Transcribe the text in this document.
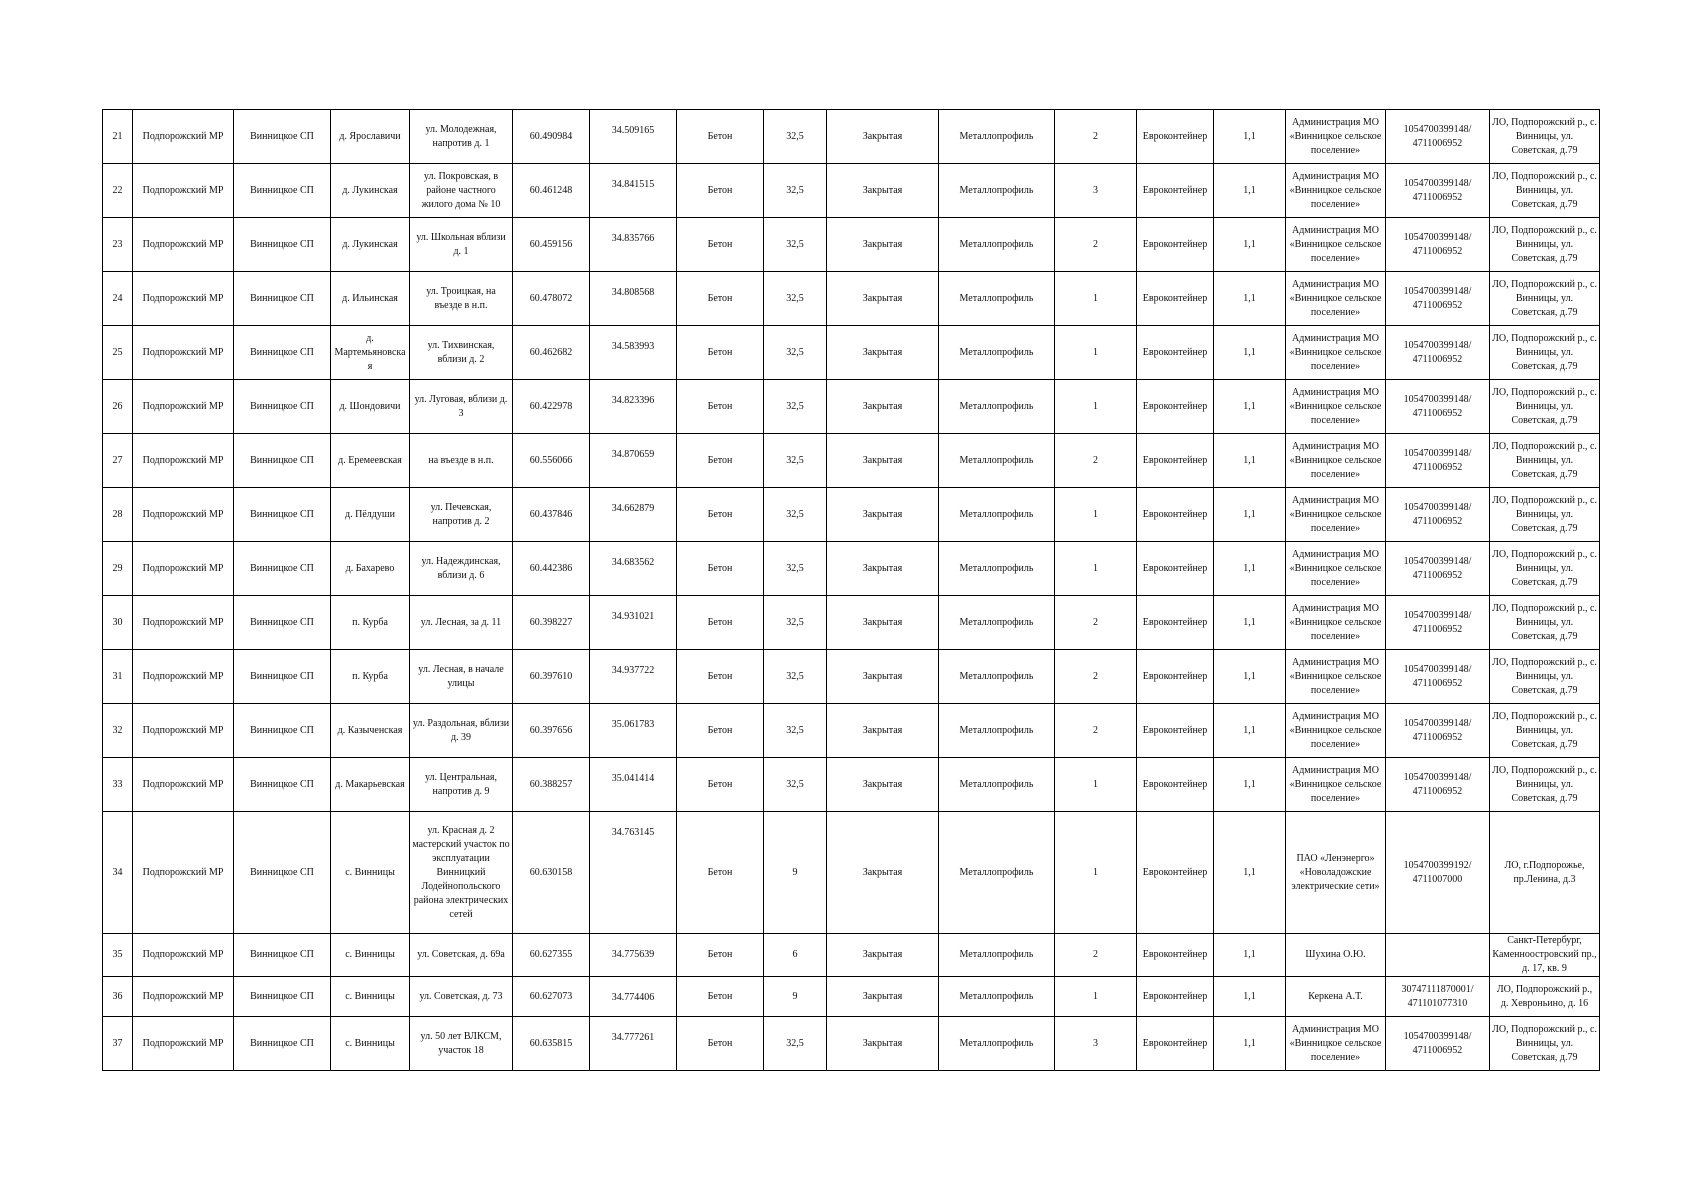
21	Подпорожский МР	Винницкое СП	д. Ярославичи	ул. Молодежная, напротив д. 1	60.490984	34.509165	Бетон	32,5	Закрытая	Металлопрофиль	2	Евроконтейнер	1,1	Администрация МО «Винницкое сельское поселение»	1054700399148/ 4711006952	ЛО, Подпорожский р., с. Винницы, ул. Советская, д.79
22	Подпорожский МР	Винницкое СП	д. Лукинская	ул. Покровская, в районе частного жилого дома № 10	60.461248	34.841515	Бетон	32,5	Закрытая	Металлопрофиль	3	Евроконтейнер	1,1	Администрация МО «Винницкое сельское поселение»	1054700399148/ 4711006952	ЛО, Подпорожский р., с. Винницы, ул. Советская, д.79
23	Подпорожский МР	Винницкое СП	д. Лукинская	ул. Школьная вблизи д. 1	60.459156	34.835766	Бетон	32,5	Закрытая	Металлопрофиль	2	Евроконтейнер	1,1	Администрация МО «Винницкое сельское поселение»	1054700399148/ 4711006952	ЛО, Подпорожский р., с. Винницы, ул. Советская, д.79
24	Подпорожский МР	Винницкое СП	д. Ильинская	ул. Троицкая, на въезде в н.п.	60.478072	34.808568	Бетон	32,5	Закрытая	Металлопрофиль	1	Евроконтейнер	1,1	Администрация МО «Винницкое сельское поселение»	1054700399148/ 4711006952	ЛО, Подпорожский р., с. Винницы, ул. Советская, д.79
25	Подпорожский МР	Винницкое СП	д. Мартемьяновская	ул. Тихвинская, вблизи д. 2	60.462682	34.583993	Бетон	32,5	Закрытая	Металлопрофиль	1	Евроконтейнер	1,1	Администрация МО «Винницкое сельское поселение»	1054700399148/ 4711006952	ЛО, Подпорожский р., с. Винницы, ул. Советская, д.79
26	Подпорожский МР	Винницкое СП	д. Шондовичи	ул. Луговая, вблизи д. 3	60.422978	34.823396	Бетон	32,5	Закрытая	Металлопрофиль	1	Евроконтейнер	1,1	Администрация МО «Винницкое сельское поселение»	1054700399148/ 4711006952	ЛО, Подпорожский р., с. Винницы, ул. Советская, д.79
27	Подпорожский МР	Винницкое СП	д. Еремеевская	на въезде в н.п.	60.556066	34.870659	Бетон	32,5	Закрытая	Металлопрофиль	2	Евроконтейнер	1,1	Администрация МО «Винницкое сельское поселение»	1054700399148/ 4711006952	ЛО, Подпорожский р., с. Винницы, ул. Советская, д.79
28	Подпорожский МР	Винницкое СП	д. Пёлдуши	ул. Печевская, напротив д. 2	60.437846	34.662879	Бетон	32,5	Закрытая	Металлопрофиль	1	Евроконтейнер	1,1	Администрация МО «Винницкое сельское поселение»	1054700399148/ 4711006952	ЛО, Подпорожский р., с. Винницы, ул. Советская, д.79
29	Подпорожский МР	Винницкое СП	д. Бахарево	ул. Надеждинская, вблизи д. 6	60.442386	34.683562	Бетон	32,5	Закрытая	Металлопрофиль	1	Евроконтейнер	1,1	Администрация МО «Винницкое сельское поселение»	1054700399148/ 4711006952	ЛО, Подпорожский р., с. Винницы, ул. Советская, д.79
30	Подпорожский МР	Винницкое СП	п. Курба	ул. Лесная, за д. 11	60.398227	34.931021	Бетон	32,5	Закрытая	Металлопрофиль	2	Евроконтейнер	1,1	Администрация МО «Винницкое сельское поселение»	1054700399148/ 4711006952	ЛО, Подпорожский р., с. Винницы, ул. Советская, д.79
31	Подпорожский МР	Винницкое СП	п. Курба	ул. Лесная, в начале улицы	60.397610	34.937722	Бетон	32,5	Закрытая	Металлопрофиль	2	Евроконтейнер	1,1	Администрация МО «Винницкое сельское поселение»	1054700399148/ 4711006952	ЛО, Подпорожский р., с. Винницы, ул. Советская, д.79
32	Подпорожский МР	Винницкое СП	д. Казыченская	ул. Раздольная, вблизи д. 39	60.397656	35.061783	Бетон	32,5	Закрытая	Металлопрофиль	2	Евроконтейнер	1,1	Администрация МО «Винницкое сельское поселение»	1054700399148/ 4711006952	ЛО, Подпорожский р., с. Винницы, ул. Советская, д.79
33	Подпорожский МР	Винницкое СП	д. Макарьевская	ул. Центральная, напротив д. 9	60.388257	35.041414	Бетон	32,5	Закрытая	Металлопрофиль	1	Евроконтейнер	1,1	Администрация МО «Винницкое сельское поселение»	1054700399148/ 4711006952	ЛО, Подпорожский р., с. Винницы, ул. Советская, д.79
34	Подпорожский МР	Винницкое СП	с. Винницы	ул. Красная д. 2 мастерский участок по эксплуатации Винницкий Лодейнопольского района электрических сетей	60.630158	34.763145	Бетон	9	Закрытая	Металлопрофиль	1	Евроконтейнер	1,1	ПАО «Ленэнерго» «Новоладожские электрические сети»	1054700399192/ 4711007000	ЛО, г.Подпорожье, пр.Ленина, д.3
35	Подпорожский МР	Винницкое СП	с. Винницы	ул. Советская, д. 69а	60.627355	34.775639	Бетон	6	Закрытая	Металлопрофиль	2	Евроконтейнер	1,1	Шухина О.Ю.		Санкт-Петербург, Каменноостровский пр., д. 17, кв. 9
36	Подпорожский МР	Винницкое СП	с. Винницы	ул. Советская, д. 73	60.627073	34.774406	Бетон	9	Закрытая	Металлопрофиль	1	Евроконтейнер	1,1	Керкена А.Т.	30747111870001/ 471101077310	ЛО, Подпорожский р., д. Хевроньино, д. 16
37	Подпорожский МР	Винницкое СП	с. Винницы	ул. 50 лет ВЛКСМ, участок 18	60.635815	34.777261	Бетон	32,5	Закрытая	Металлопрофиль	3	Евроконтейнер	1,1	Администрация МО «Винницкое сельское поселение»	1054700399148/ 4711006952	ЛО, Подпорожский р., с. Винницы, ул. Советская, д.79
